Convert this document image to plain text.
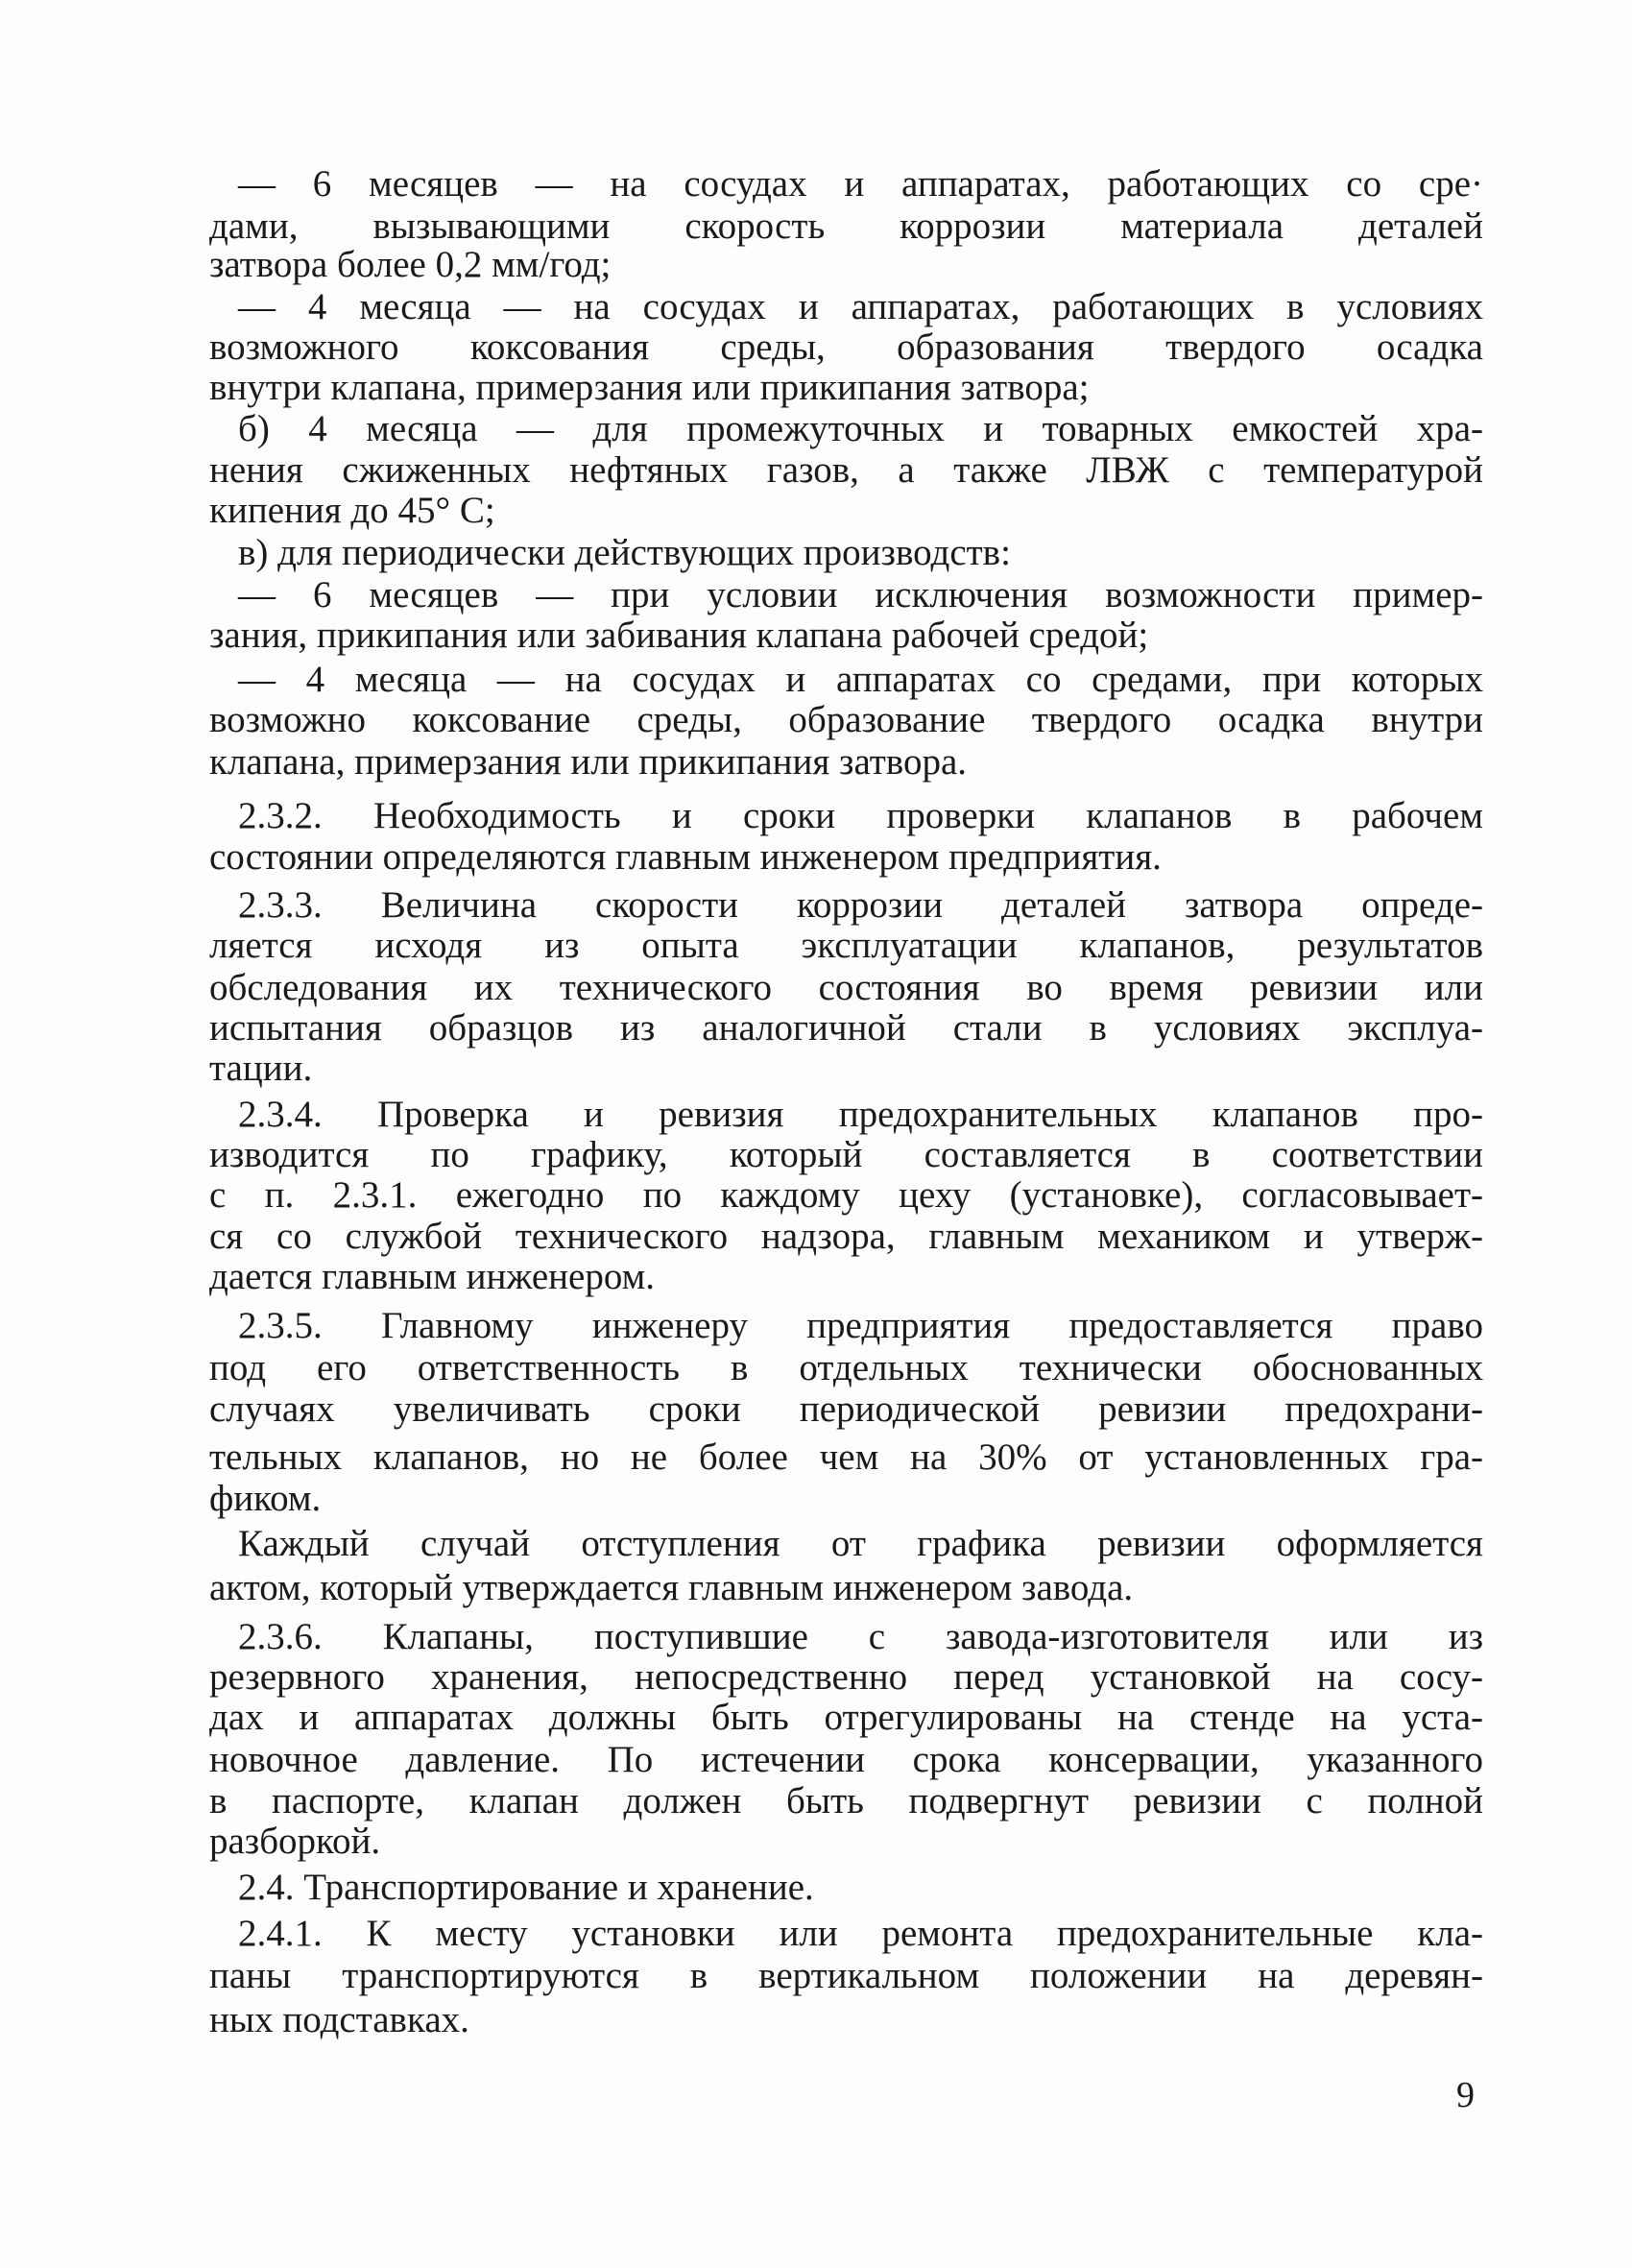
— 6 месяцев — на сосудах и аппаратах, работающих со сре·
дами, вызывающими скорость коррозии материала деталей
затвора более 0,2 мм/год;
— 4 месяца — на сосудах и аппаратах, работающих в условиях
возможного коксования среды, образования твердого осадка
внутри клапана, примерзания или прикипания затвора;
б) 4 месяца — для промежуточных и товарных емкостей хра-
нения сжиженных нефтяных газов, а также ЛВЖ с температурой
кипения до 45° С;
в) для периодически действующих производств:
— 6 месяцев — при условии исключения возможности пример-
зания, прикипания или забивания клапана рабочей средой;
— 4 месяца — на сосудах и аппаратах со средами, при которых
возможно коксование среды, образование твердого осадка внутри
клапана, примерзания или прикипания затвора.
2.3.2. Необходимость и сроки проверки клапанов в рабочем
состоянии определяются главным инженером предприятия.
2.3.3. Величина скорости коррозии деталей затвора опреде-
ляется исходя из опыта эксплуатации клапанов, результатов
обследования их технического состояния во время ревизии или
испытания образцов из аналогичной стали в условиях эксплуа-
тации.
2.3.4. Проверка и ревизия предохранительных клапанов про-
изводится по графику, который составляется в соответствии
с п. 2.3.1. ежегодно по каждому цеху (установке), согласовывает-
ся со службой технического надзора, главным механиком и утверж-
дается главным инженером.
2.3.5. Главному инженеру предприятия предоставляется право
под его ответственность в отдельных технически обоснованных
случаях увеличивать сроки периодической ревизии предохрани-
тельных клапанов, но не более чем на 30% от установленных гра-
фиком.
Каждый случай отступления от графика ревизии оформляется
актом, который утверждается главным инженером завода.
2.3.6. Клапаны, поступившие с завода-изготовителя или из
резервного хранения, непосредственно перед установкой на сосу-
дах и аппаратах должны быть отрегулированы на стенде на уста-
новочное давление. По истечении срока консервации, указанного
в паспорте, клапан должен быть подвергнут ревизии с полной
разборкой.
2.4. Транспортирование и хранение.
2.4.1. К месту установки или ремонта предохранительные кла-
паны транспортируются в вертикальном положении на деревян-
ных подставках.
9
